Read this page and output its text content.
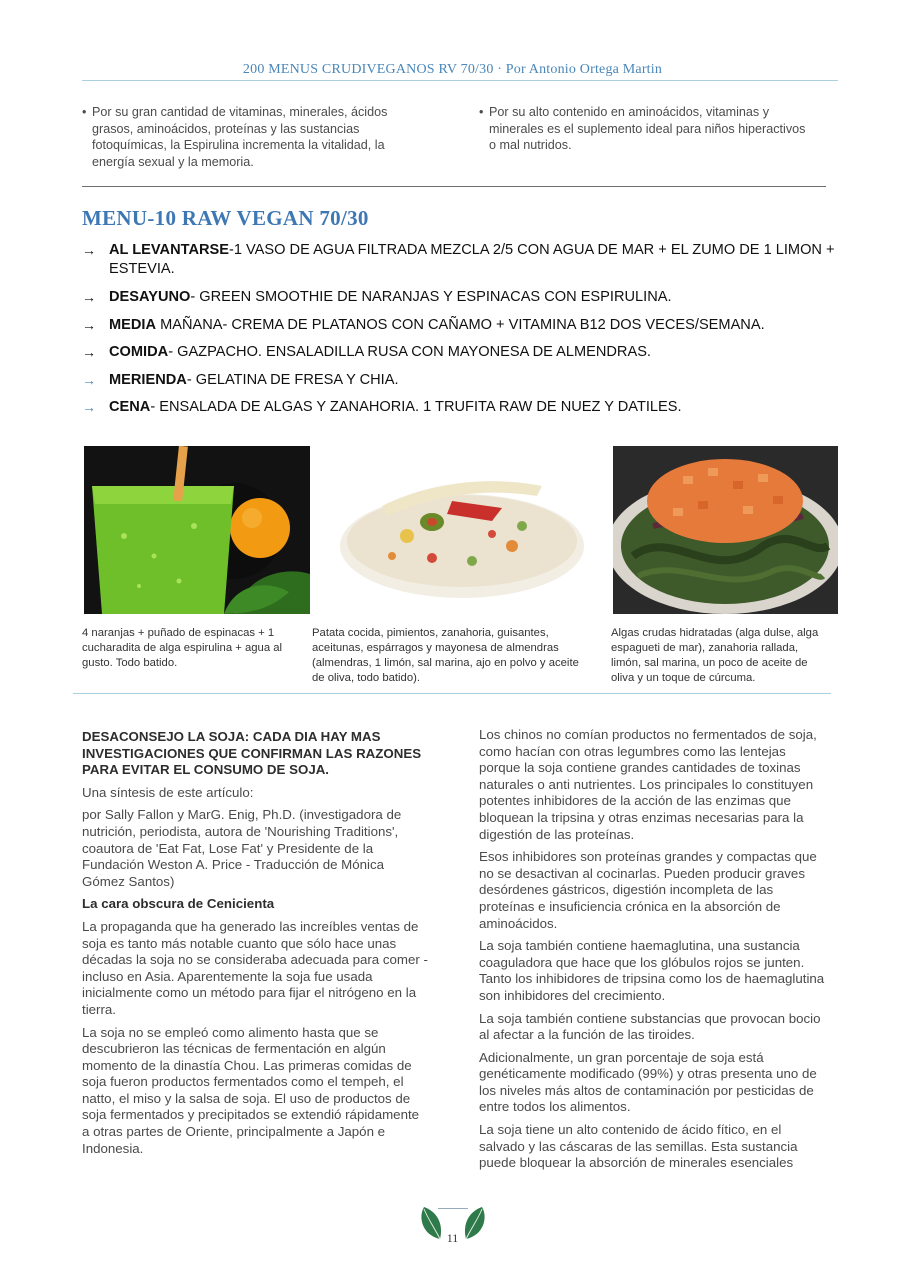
200 MENUS CRUDIVEGANOS RV 70/30 · Por Antonio Ortega Martin
• Por su gran cantidad de vitaminas, minerales, ácidos grasos, aminoácidos, proteínas y las sustancias fotoquímicas, la Espirulina incrementa la vitalidad, la energía sexual y la memoria.
• Por su alto contenido en aminoácidos, vitaminas y minerales es el suplemento ideal para niños hiperactivos o mal nutridos.
MENU-10 RAW VEGAN 70/30
→ AL LEVANTARSE-1 VASO DE AGUA FILTRADA MEZCLA 2/5 CON AGUA DE MAR + EL ZUMO DE 1 LIMON + ESTEVIA.
→ DESAYUNO- GREEN SMOOTHIE DE NARANJAS Y ESPINACAS CON ESPIRULINA.
→ MEDIA MAÑANA- CREMA DE PLATANOS CON CAÑAMO + VITAMINA B12 DOS VECES/SEMANA.
→ COMIDA- GAZPACHO. ENSALADILLA RUSA CON MAYONESA DE ALMENDRAS.
→ MERIENDA- GELATINA DE FRESA Y CHIA.
→ CENA- ENSALADA DE ALGAS Y ZANAHORIA. 1 TRUFITA RAW DE NUEZ Y DATILES.
4 naranjas + puñado de espinacas + 1 cucharadita de alga espirulina + agua al gusto. Todo batido.
Patata cocida, pimientos, zanahoria, guisantes, aceitunas, espárragos y mayonesa de almendras (almendras, 1 limón, sal marina, ajo en polvo y aceite de oliva, todo batido).
Algas crudas hidratadas (alga dulse, alga espagueti de mar), zanahoria rallada, limón, sal marina, un poco de aceite de oliva y un toque de cúrcuma.

DESACONSEJO LA SOJA: CADA DIA HAY MAS INVESTIGACIONES QUE CONFIRMAN LAS RAZONES PARA EVITAR EL CONSUMO DE SOJA.

Una síntesis de este artículo:

por Sally Fallon y MarG. Enig, Ph.D. (investigadora de nutrición, periodista, autora de 'Nourishing Traditions', coautora de 'Eat Fat, Lose Fat' y Presidente de la Fundación Weston A. Price - Traducción de Mónica Gómez Santos)

La cara obscura de Cenicienta

La propaganda que ha generado las increíbles ventas de soja es tanto más notable cuanto que sólo hace unas décadas la soja no se consideraba adecuada para comer -incluso en Asia. Aparentemente la soja fue usada inicialmente como un método para fijar el nitrógeno en la tierra.

La soja no se empleó como alimento hasta que se descubrieron las técnicas de fermentación en algún momento de la dinastía Chou. Las primeras comidas de soja fueron productos fermentados como el tempeh, el natto, el miso y la salsa de soja. El uso de productos de soja fermentados y precipitados se extendió rápidamente a otras partes de Oriente, principalmente a Japón e Indonesia.

Los chinos no comían productos no fermentados de soja, como hacían con otras legumbres como las lentejas porque la soja contiene grandes cantidades de toxinas naturales o anti nutrientes. Los principales lo constituyen potentes inhibidores de la acción de las enzimas que bloquean la tripsina y otras enzimas necesarias para la digestión de las proteínas.

Esos inhibidores son proteínas grandes y compactas que no se desactivan al cocinarlas. Pueden producir graves desórdenes gástricos, digestión incompleta de las proteínas e insuficiencia crónica en la absorción de aminoácidos.

La soja también contiene haemaglutina, una sustancia coaguladora que hace que los glóbulos rojos se junten. Tanto los inhibidores de tripsina como los de haemaglutina son inhibidores del crecimiento.

La soja también contiene substancias que provocan bocio al afectar a la función de las tiroides.

Adicionalmente, un gran porcentaje de soja está genéticamente modificado (99%) y otras presenta uno de los niveles más altos de contaminación por pesticidas de entre todos los alimentos.

La soja tiene un alto contenido de ácido fítico, en el salvado y las cáscaras de las semillas. Esta sustancia puede bloquear la absorción de minerales esenciales

11
